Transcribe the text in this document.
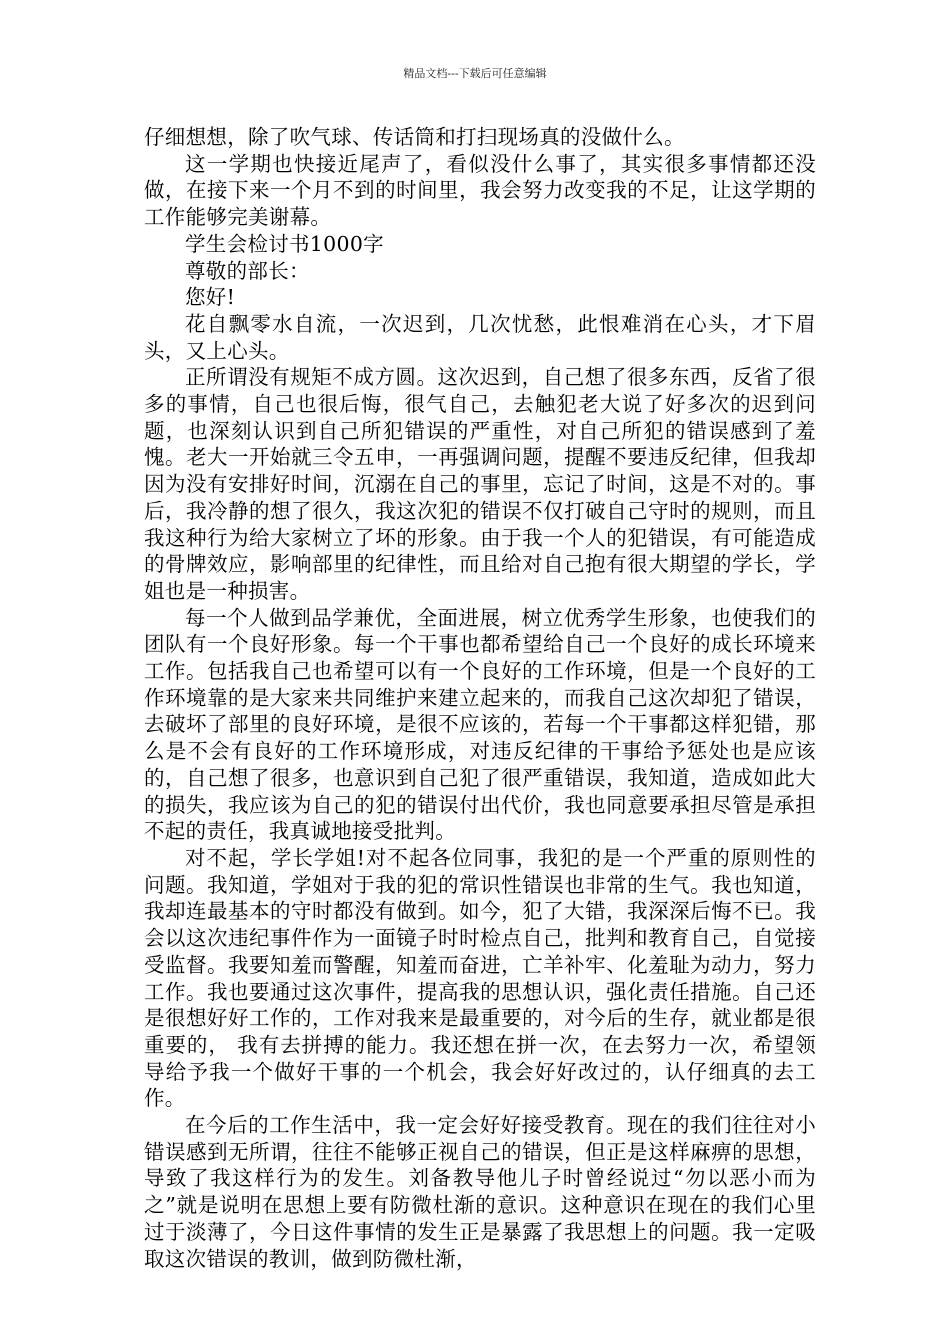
精品文档---下载后可任意编辑

仔细想想，除了吹气球、传话筒和打扫现场真的没做什么。

这一学期也快接近尾声了，看似没什么事了，其实很多事情都还没做，在接下来一个月不到的时间里，我会努力改变我的不足，让这学期的工作能够完美谢幕。

学生会检讨书1000字

尊敬的部长：

您好!

花自飘零水自流，一次迟到，几次忧愁，此恨难消在心头，才下眉头，又上心头。

正所谓没有规矩不成方圆。这次迟到，自己想了很多东西，反省了很多的事情，自己也很后悔，很气自己，去触犯老大说了好多次的迟到问题，也深刻认识到自己所犯错误的严重性，对自己所犯的错误感到了羞愧。老大一开始就三令五申，一再强调问题，提醒不要违反纪律，但我却因为没有安排好时间，沉溺在自己的事里，忘记了时间，这是不对的。事后，我冷静的想了很久，我这次犯的错误不仅打破自己守时的规则，而且我这种行为给大家树立了坏的形象。由于我一个人的犯错误，有可能造成的骨牌效应，影响部里的纪律性，而且给对自己抱有很大期望的学长，学姐也是一种损害。

每一个人做到品学兼优，全面进展，树立优秀学生形象，也使我们的团队有一个良好形象。每一个干事也都希望给自己一个良好的成长环境来工作。包括我自己也希望可以有一个良好的工作环境，但是一个良好的工作环境靠的是大家来共同维护来建立起来的，而我自己这次却犯了错误，去破坏了部里的良好环境，是很不应该的，若每一个干事都这样犯错，那么是不会有良好的工作环境形成，对违反纪律的干事给予惩处也是应该的，自己想了很多，也意识到自己犯了很严重错误，我知道，造成如此大的损失，我应该为自己的犯的错误付出代价，我也同意要承担尽管是承担不起的责任，我真诚地接受批判。

对不起，学长学姐!对不起各位同事，我犯的是一个严重的原则性的问题。我知道，学姐对于我的犯的常识性错误也非常的生气。我也知道，我却连最基本的守时都没有做到。如今，犯了大错，我深深后悔不已。我会以这次违纪事件作为一面镜子时时检点自己，批判和教育自己，自觉接受监督。我要知羞而警醒，知羞而奋进，亡羊补牢、化羞耻为动力，努力工作。我也要通过这次事件，提高我的思想认识，强化责任措施。自己还是很想好好工作的，工作对我来是最重要的，对今后的生存，就业都是很重要的， 我有去拼搏的能力。我还想在拼一次，在去努力一次，希望领导给予我一个做好干事的一个机会，我会好好改过的，认仔细真的去工作。

在今后的工作生活中，我一定会好好接受教育。现在的我们往往对小错误感到无所谓，往往不能够正视自己的错误，但正是这样麻痹的思想，导致了我这样行为的发生。刘备教导他儿子时曾经说过“勿以恶小而为之”就是说明在思想上要有防微杜渐的意识。这种意识在现在的我们心里过于淡薄了，今日这件事情的发生正是暴露了我思想上的问题。我一定吸取这次错误的教训，做到防微杜渐，
